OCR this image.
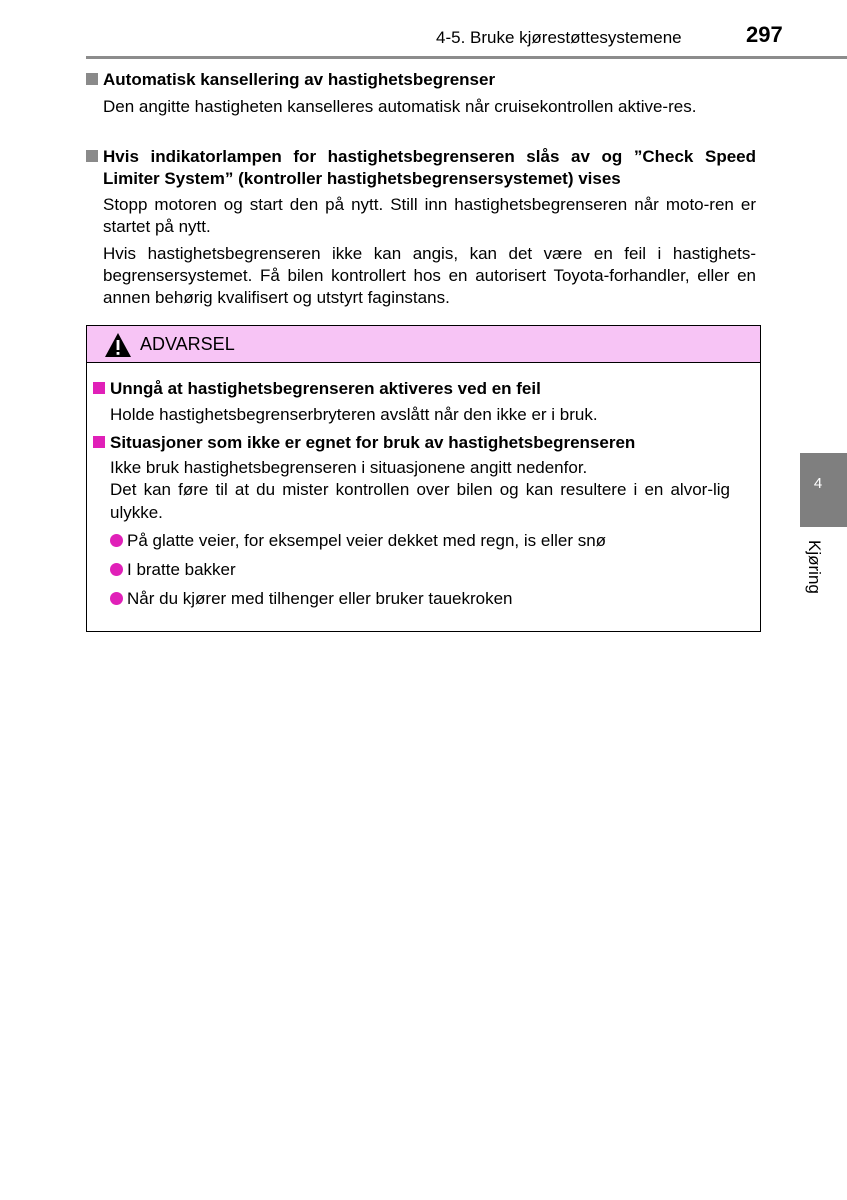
4-5. Bruke kjørestøttesystemene	297
Automatisk kansellering av hastighetsbegrenser
Den angitte hastigheten kanselleres automatisk når cruisekontrollen aktive-res.
Hvis indikatorlampen for hastighetsbegrenseren slås av og ”Check Speed Limiter System” (kontroller hastighetsbegrensersystemet) vises
Stopp motoren og start den på nytt. Still inn hastighetsbegrenseren når moto-ren er startet på nytt.
Hvis hastighetsbegrenseren ikke kan angis, kan det være en feil i hastighets-begrensersystemet. Få bilen kontrollert hos en autorisert Toyota-forhandler, eller en annen behørig kvalifisert og utstyrt faginstans.
ADVARSEL
Unngå at hastighetsbegrenseren aktiveres ved en feil
Holde hastighetsbegrenserbryteren avslått når den ikke er i bruk.
Situasjoner som ikke er egnet for bruk av hastighetsbegrenseren
Ikke bruk hastighetsbegrenseren i situasjonene angitt nedenfor.
Det kan føre til at du mister kontrollen over bilen og kan resultere i en alvor-lig ulykke.
På glatte veier, for eksempel veier dekket med regn, is eller snø
I bratte bakker
Når du kjører med tilhenger eller bruker tauekroken
4
Kjøring
